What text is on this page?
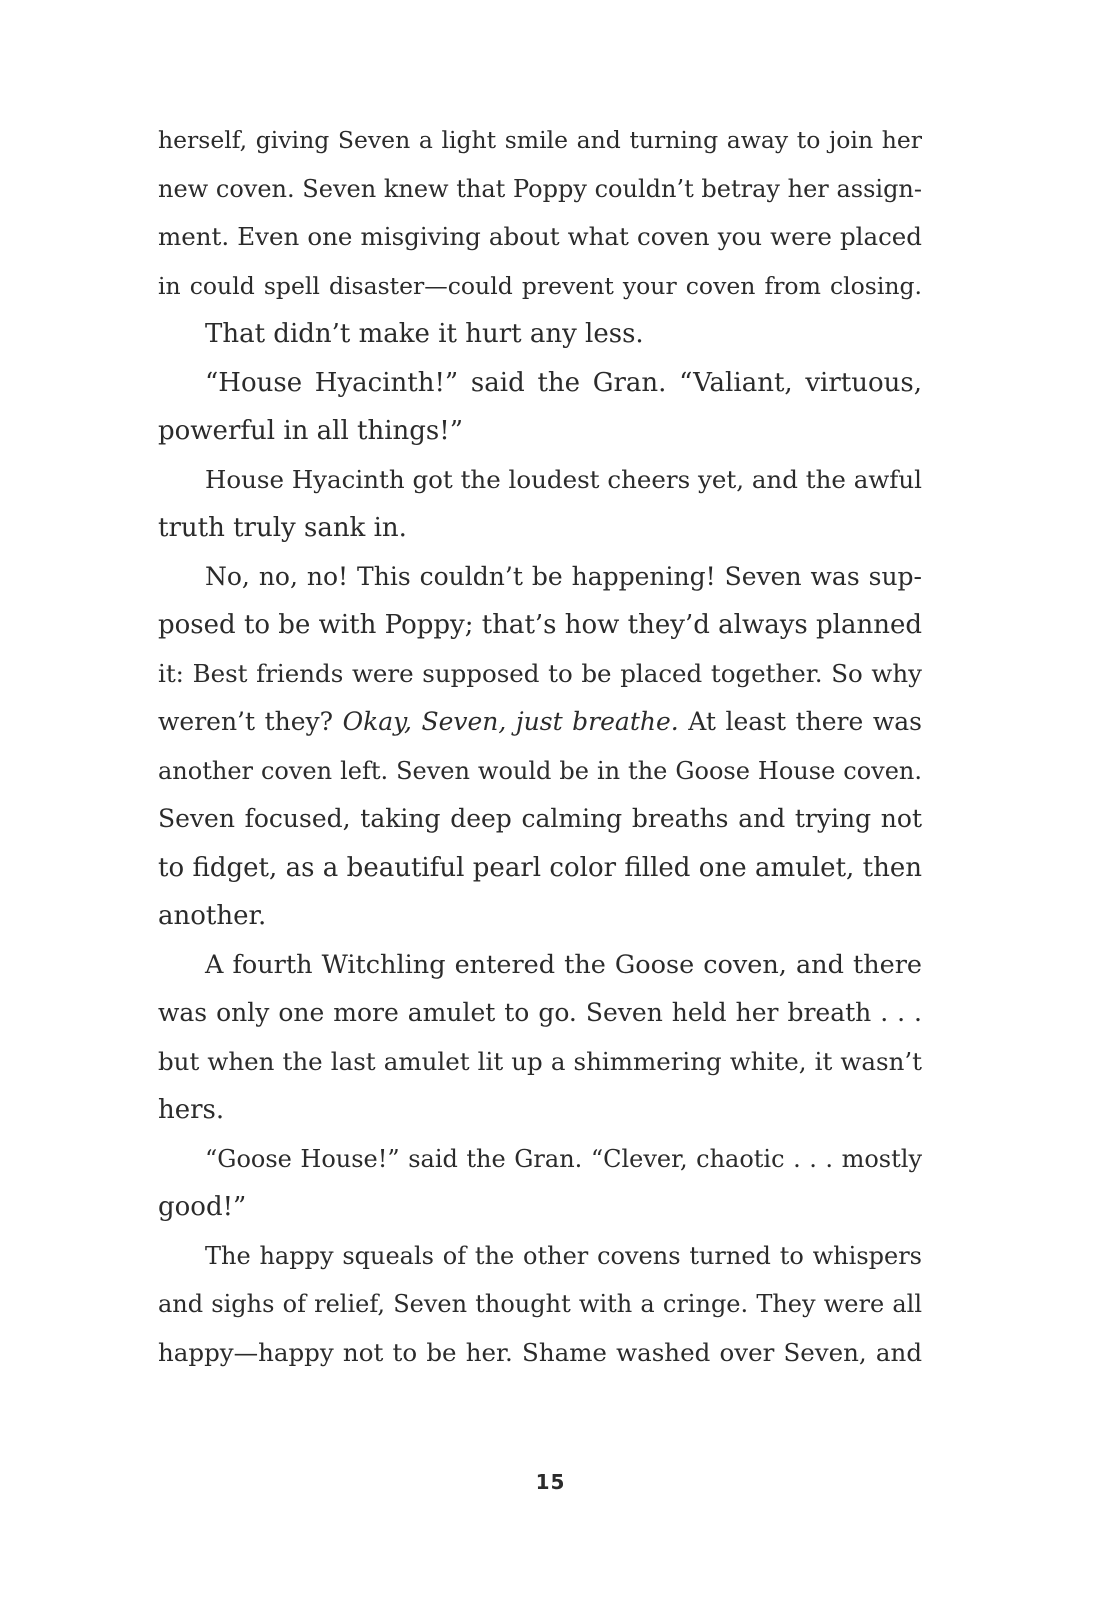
herself, giving Seven a light smile and turning away to join her
new coven. Seven knew that Poppy couldn’t betray her assign-
ment. Even one misgiving about what coven you were placed
in could spell disaster—could prevent your coven from closing.
That didn’t make it hurt any less.
“House Hyacinth!” said the Gran. “Valiant, virtuous,
powerful in all things!”
House Hyacinth got the loudest cheers yet, and the awful
truth truly sank in.
No, no, no! This couldn’t be happening! Seven was sup-
posed to be with Poppy; that’s how they’d always planned
it: Best friends were supposed to be placed together. So why
weren’t they? Okay, Seven, just breathe. At least there was
another coven left. Seven would be in the Goose House coven.
Seven focused, taking deep calming breaths and trying not
to fidget, as a beautiful pearl color filled one amulet, then
another.
A fourth Witchling entered the Goose coven, and there
was only one more amulet to go. Seven held her breath . . .
but when the last amulet lit up a shimmering white, it wasn’t
hers.
“Goose House!” said the Gran. “Clever, chaotic . . . mostly
good!”
The happy squeals of the other covens turned to whispers
and sighs of relief, Seven thought with a cringe. They were all
happy—happy not to be her. Shame washed over Seven, and
15
